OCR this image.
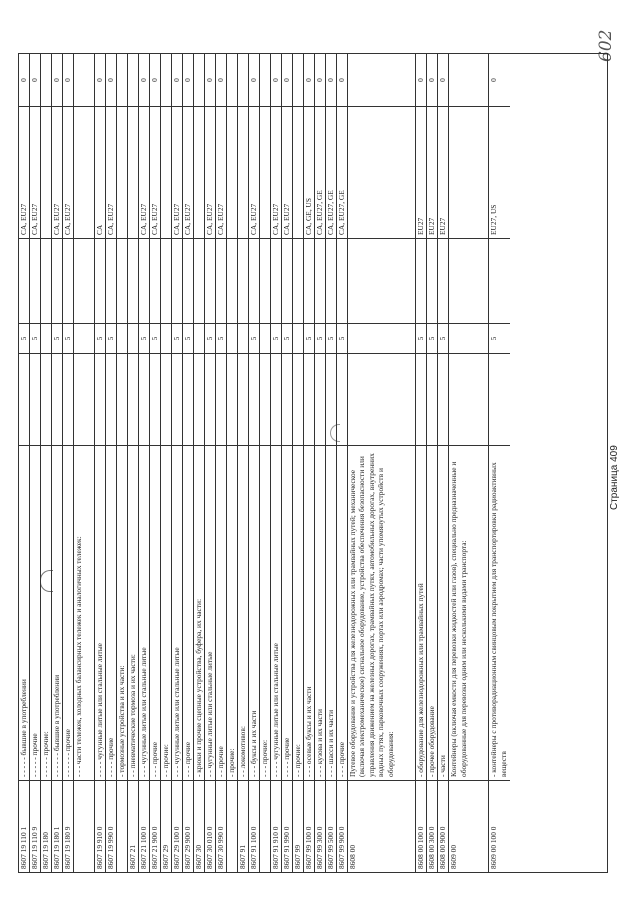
602
8607 19 110 1
- - - - - бывшие в употреблении
5
CA, EU27
0
8607 19 110 9
- - - - - прочие
5
CA, EU27
0
8607 19 180
- - - - - прочие:
8607 19 180 1
- - - - - - бывшие в употреблении
5
CA, EU27
0
8607 19 180 9
- - - - - - прочие
5
CA, EU27
0
- - - части тележек, холодных балансирных тележек и аналогичных тележек:
8607 19 910 0
- - - - чугунные литые или стальные литые
5
CA
0
8607 19 990 0
- - - - прочие
5
CA, EU27
0
- тормозные устройства и их части:
8607 21
- - пневматические тормоза и их части:
8607 21 100 0
- - - чугунные литые или стальные литые
5
CA, EU27
0
8607 21 900 0
- - - прочие
5
CA, EU27
0
8607 29
- - прочие:
8607 29 100 0
- - - чугунные литые или стальные литые
5
CA, EU27
0
8607 29 900 0
- - - прочие
5
CA, EU27
0
8607 30
- крюки и прочие сцепные устройства, буфера, их части:
8607 30 010 0
- - чугунные литые или стальные литые
5
CA, EU27
0
8607 30 990 0
- - прочие
5
CA, EU27
0
- прочие:
8607 91
- - локомотивов:
8607 91 100 0
- - - буксы и их части
5
CA, EU27
0
- - - прочие:
8607 91 910 0
- - - - чугунные литые или стальные литые
5
CA, EU27
0
8607 91 990 0
- - - - прочие
5
CA, EU27
0
8607 99
- - прочие:
8607 99 100 0
- - - осевые буксы и их части
5
CA, GE, US
0
8607 99 300 0
- - - кузова и их части
5
CA, EU27, GE
0
8607 99 500 0
- - - шасси и их части
5
CA, EU27, GE
0
8607 99 900 0
- - - прочие
5
CA, EU27, GE
0
8608 00
Путевое оборудование и устройства для железнодорожных или трамвайных путей; механическое (включая электромеханическое) сигнальное оборудование, устройства обеспечения безопасности или управления движением на железных дорогах, трамвайных путях, автомобильных дорогах, внутренних водных путях, парковочных сооружениях, портах или аэродромах; части упомянутых устройств и оборудования:
8608 00 100 0
- оборудование для железнодорожных или трамвайных путей
5
EU27
0
8608 00 300 0
- прочее оборудование
5
EU27
0
8608 00 900 0
- части
5
EU27
0
8609 00
Контейнеры (включая емкости для перевозки жидкостей или газов), специально предназначенные и оборудованные для перевозки одним или несколькими видами транспорта:
8609 00 100 0
- контейнеры с противорадиационным свинцовым покрытием для транспортировки радиоактивных веществ
5
EU27, US
0
Страница 409
